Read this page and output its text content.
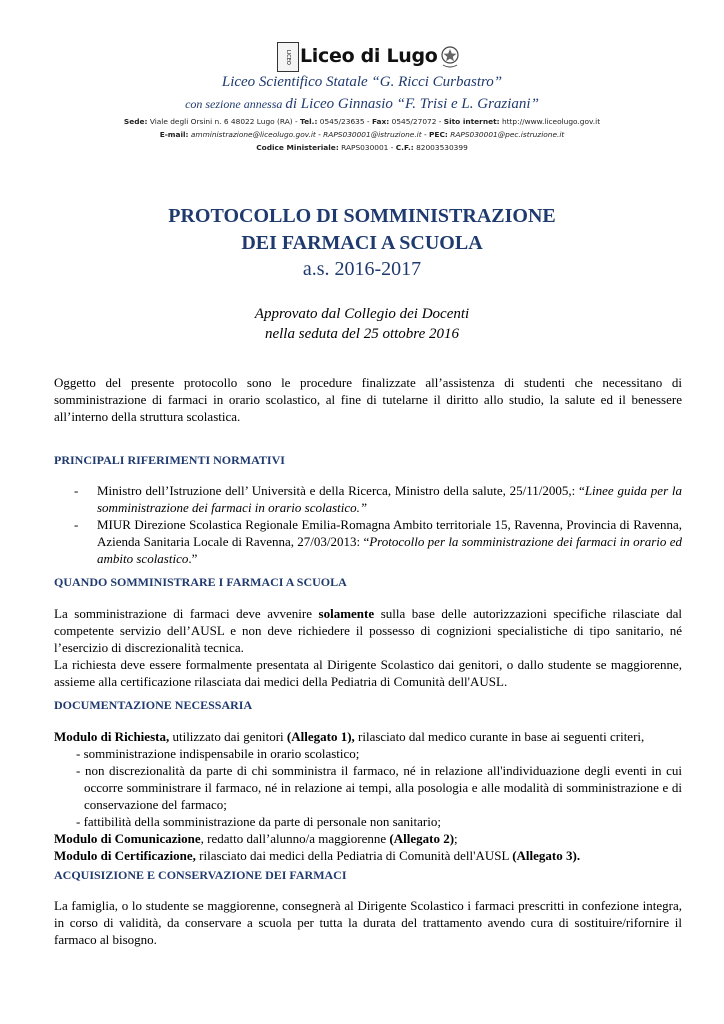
LICEO Liceo di Lugo
Liceo Scientifico Statale “G. Ricci Curbastro”
con sezione annessa di Liceo Ginnasio “F. Trisi e L. Graziani”
Sede: Viale degli Orsini n. 6 48022 Lugo (RA) - Tel.: 0545/23635 - Fax: 0545/27072 - Sito internet: http://www.liceolugo.gov.it
E-mail: amministrazione@liceolugo.gov.it - RAPS030001@istruzione.it - PEC: RAPS030001@pec.istruzione.it
Codice Ministeriale: RAPS030001 - C.F.: 82003530399
PROTOCOLLO DI SOMMINISTRAZIONE
DEI FARMACI A SCUOLA
a.s. 2016-2017
Approvato dal Collegio dei Docenti
nella seduta del 25 ottobre 2016

Oggetto del presente protocollo sono le procedure finalizzate all’assistenza di studenti che necessitano di somministrazione di farmaci in orario scolastico, al fine di tutelarne il diritto allo studio, la salute ed il benessere all’interno della struttura scolastica.

PRINCIPALI RIFERIMENTI NORMATIVI
- Ministro dell’Istruzione dell’ Università e della Ricerca, Ministro della salute, 25/11/2005,: “Linee guida per la somministrazione dei farmaci in orario scolastico.”
- MIUR Direzione Scolastica Regionale Emilia-Romagna Ambito territoriale 15, Ravenna, Provincia di Ravenna, Azienda Sanitaria Locale di Ravenna, 27/03/2013: “Protocollo per la somministrazione dei farmaci in orario ed ambito scolastico.”
QUANDO SOMMINISTRARE I FARMACI A SCUOLA

La somministrazione di farmaci deve avvenire solamente sulla base delle autorizzazioni specifiche rilasciate dal competente servizio dell’AUSL e non deve richiedere il possesso di cognizioni specialistiche di tipo sanitario, né l’esercizio di discrezionalità tecnica.

La richiesta deve essere formalmente presentata al Dirigente Scolastico dai genitori, o dallo studente se maggiorenne, assieme alla certificazione rilasciata dai medici della Pediatria di Comunità dell'AUSL.

DOCUMENTAZIONE NECESSARIA

Modulo di Richiesta, utilizzato dai genitori (Allegato 1), rilasciato dal medico curante in base ai seguenti criteri,

- somministrazione indispensabile in orario scolastico;

- non discrezionalità da parte di chi somministra il farmaco, né in relazione all'individuazione degli eventi in cui occorre somministrare il farmaco, né in relazione ai tempi, alla posologia e alle modalità di somministrazione e di conservazione del farmaco;

- fattibilità della somministrazione da parte di personale non sanitario;

Modulo di Comunicazione, redatto dall’alunno/a maggiorenne (Allegato 2);

Modulo di Certificazione, rilasciato dai medici della Pediatria di Comunità dell'AUSL (Allegato 3).

ACQUISIZIONE E CONSERVAZIONE DEI FARMACI

La famiglia, o lo studente se maggiorenne, consegnerà al Dirigente Scolastico i farmaci prescritti in confezione integra, in corso di validità, da conservare a scuola per tutta la durata del trattamento avendo cura di sostituire/rifornire il farmaco al bisogno.
